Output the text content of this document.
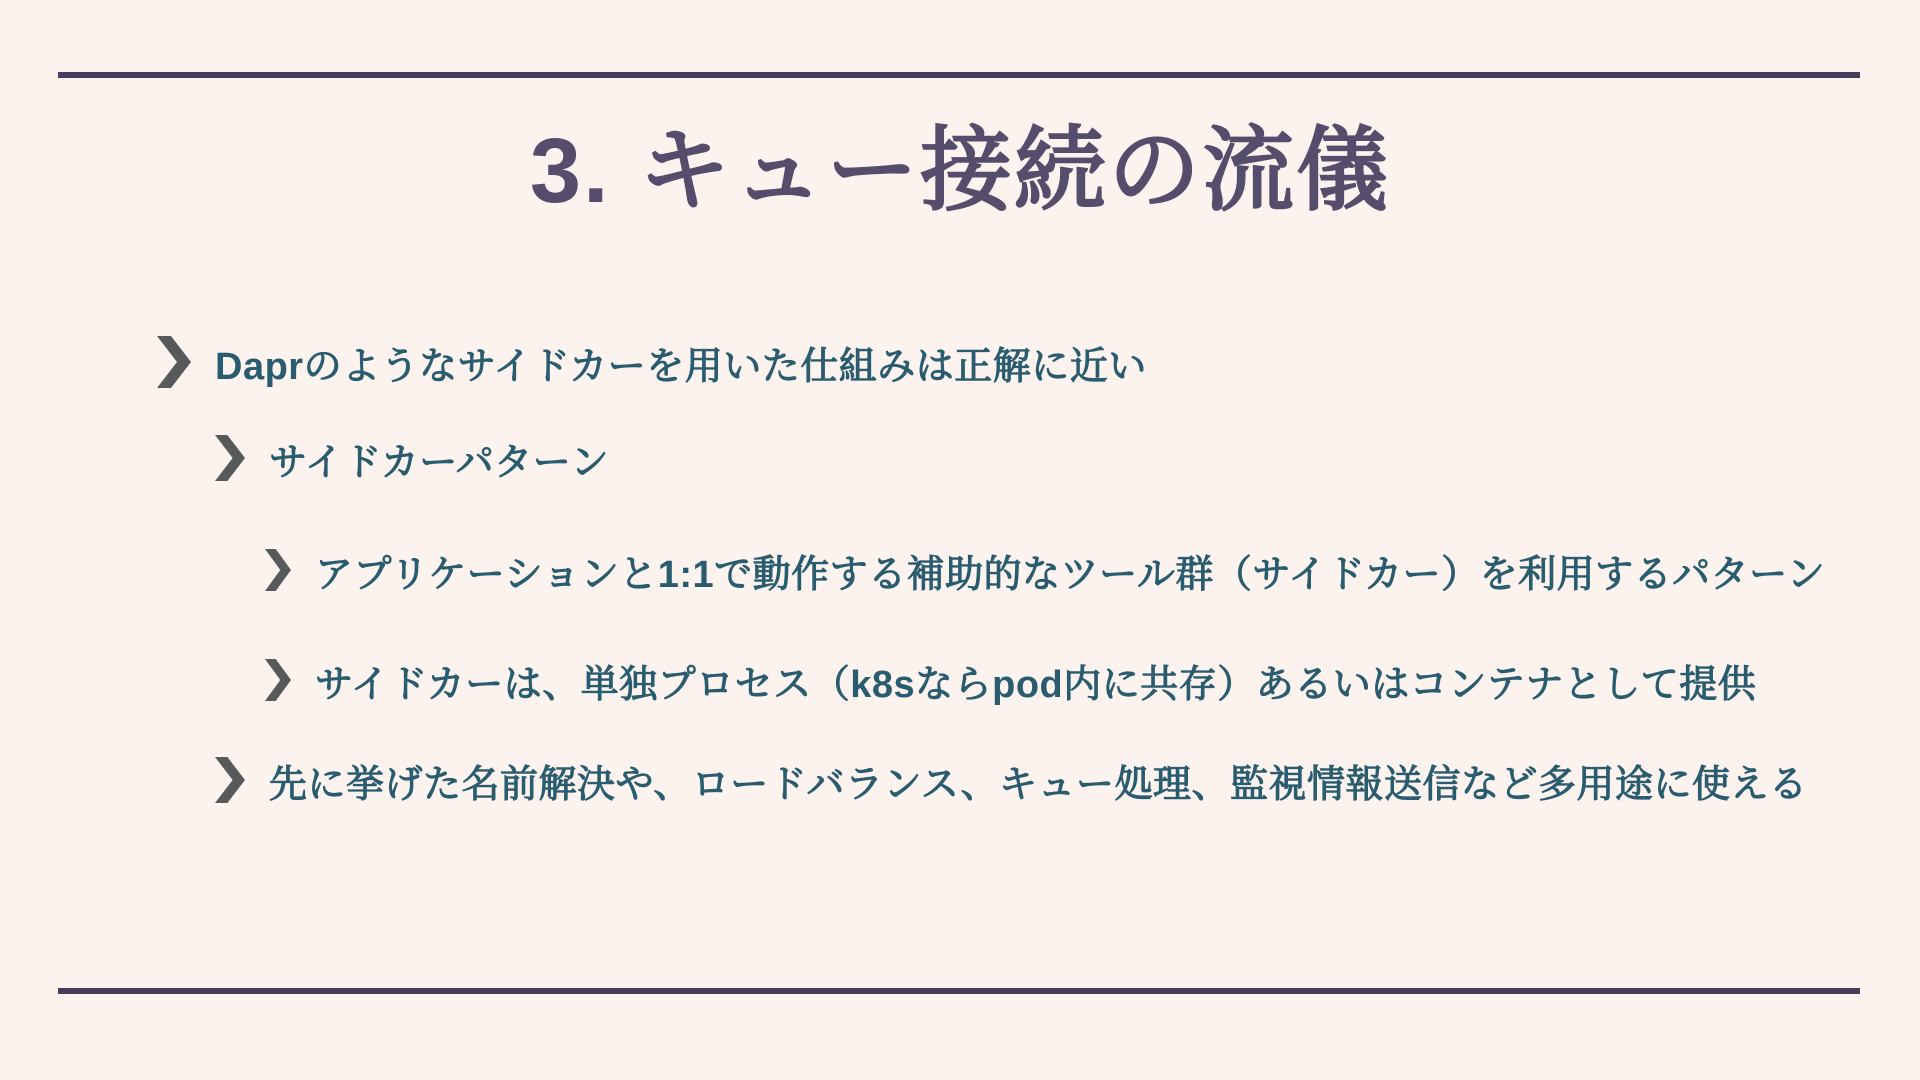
3. キュー接続の流儀
Daprのようなサイドカーを用いた仕組みは正解に近い
サイドカーパターン
アプリケーションと1:1で動作する補助的なツール群（サイドカー）を利用するパターン
サイドカーは、単独プロセス（k8sならpod内に共存）あるいはコンテナとして提供
先に挙げた名前解決や、ロードバランス、キュー処理、監視情報送信など多用途に使える
